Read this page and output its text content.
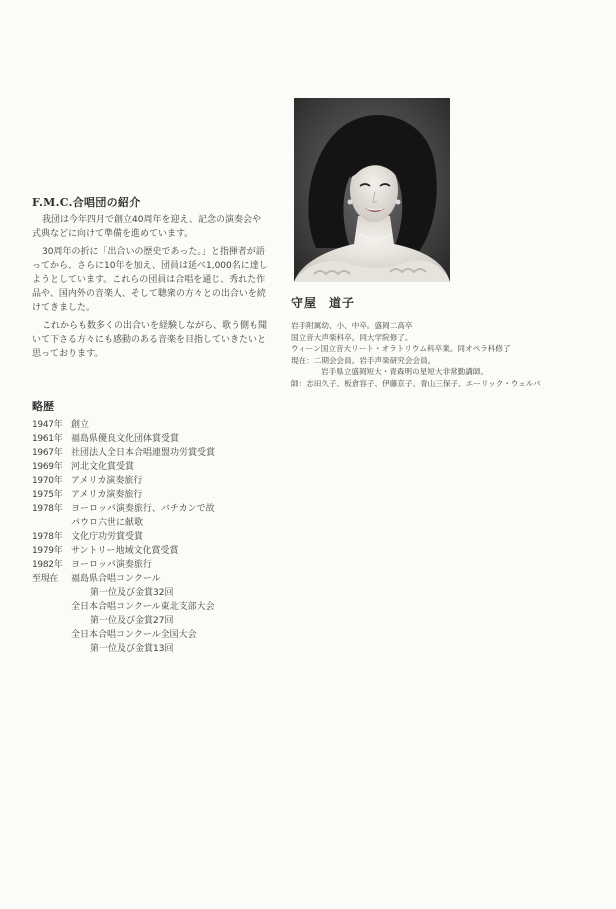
F.M.C.合唱団の紹介

我団は今年四月で創立40周年を迎え、記念の演奏会や式典などに向けて準備を進めています。

30周年の折に「出合いの歴史であった。」と指揮者が語ってから、さらに10年を加え、団員は延べ1,000名に達しようとしています。これらの団員は合唱を通じ、秀れた作品や、国内外の音楽人、そして聴衆の方々との出合いを続けてきました。

これからも数多くの出合いを経験しながら、歌う側も聞いて下さる方々にも感動のある音楽を目指していきたいと思っております。

略歴
1947年 創立
1961年 福島県優良文化団体賞受賞
1967年 社団法人全日本合唱連盟功労賞受賞
1969年 河北文化賞受賞
1970年 アメリカ演奏旅行
1975年 アメリカ演奏旅行
1978年 ヨーロッパ演奏旅行、バチカンで故
パウロ六世に献歌
1978年 文化庁功労賞受賞
1979年 サントリー地域文化賞受賞
1982年 ヨーロッパ演奏旅行
至現在	福島県合唱コンクール
第一位及び金賞32回
全日本合唱コンクール東北支部大会
第一位及び金賞27回
全日本合唱コンクール全国大会
第一位及び金賞13回
守屋 道子
岩手附属幼、小、中卒。盛岡二高卒
国立音大声楽科卒。同大学院修了。
ウィーン国立音大リート・オラトリウム科卒業。同オペラ科修了
現在：二期会会員。岩手声楽研究会会員。
岩手県立盛岡短大・青森明の星短大非常勤講師。
師：志田久子、板倉容子、伊藤京子、青山三保子、エーリック・ウェルバ
